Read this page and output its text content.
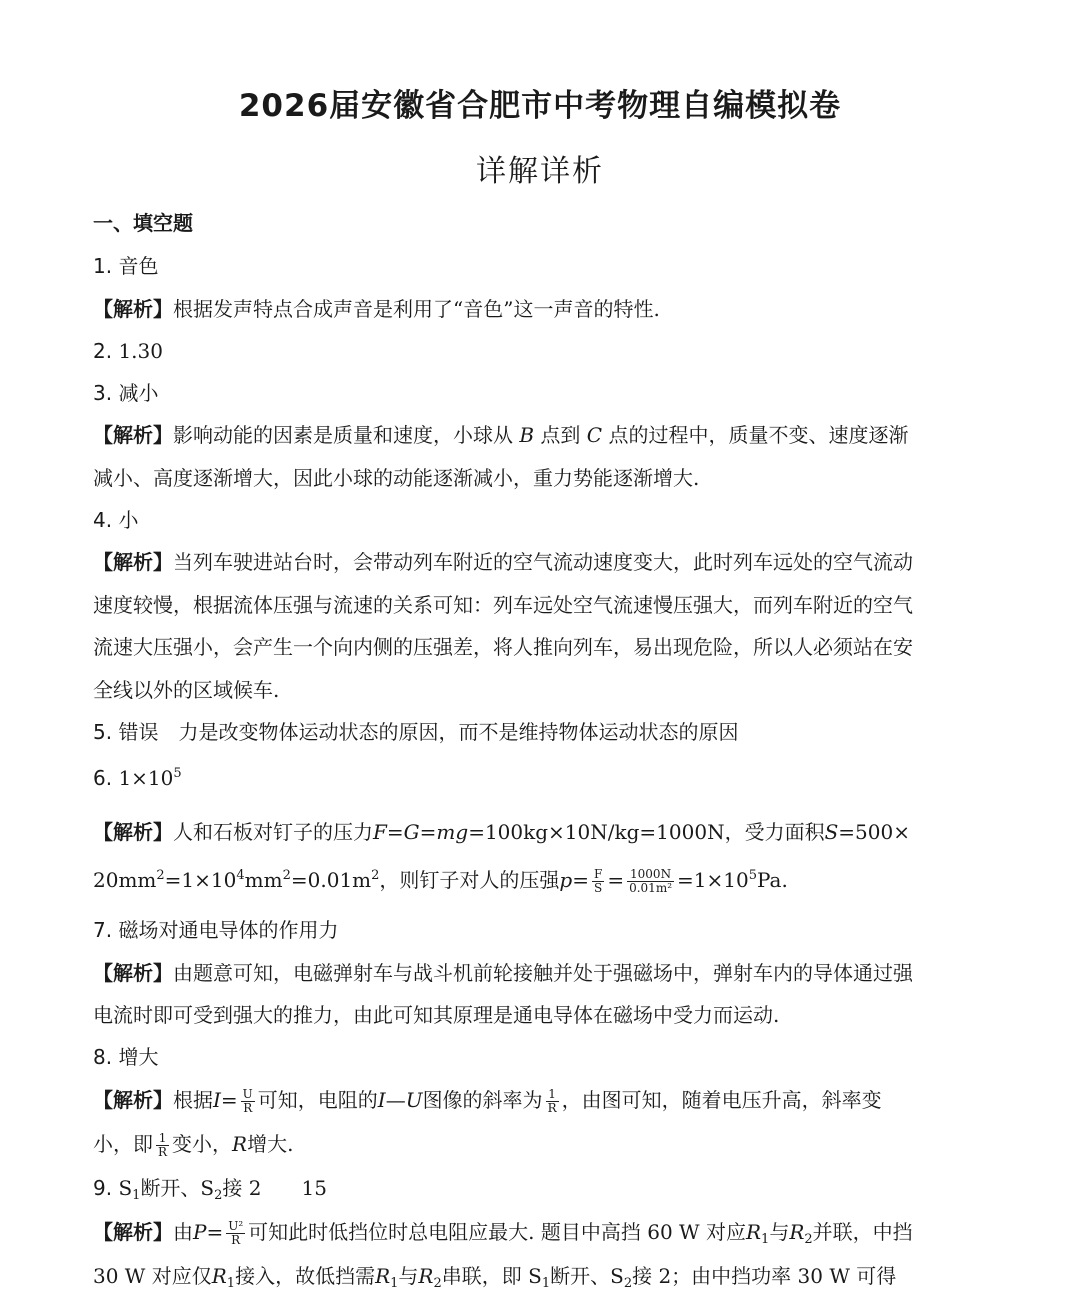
2026届安徽省合肥市中考物理自编模拟卷
详解详析
一、填空题
1. 音色
【解析】根据发声特点合成声音是利用了“音色”这一声音的特性.
2. 1.30
3. 减小
【解析】影响动能的因素是质量和速度，小球从 B 点到 C 点的过程中，质量不变、速度逐渐
减小、高度逐渐增大，因此小球的动能逐渐减小，重力势能逐渐增大.
4. 小
【解析】当列车驶进站台时，会带动列车附近的空气流动速度变大，此时列车远处的空气流动
速度较慢，根据流体压强与流速的关系可知：列车远处空气流速慢压强大，而列车附近的空气
流速大压强小，会产生一个向内侧的压强差，将人推向列车，易出现危险，所以人必须站在安
全线以外的区域候车.
5. 错误　力是改变物体运动状态的原因，而不是维持物体运动状态的原因
6. $1\times 10^5$
【解析】人和石板对钉子的压力F=G=mg=100kg×10N/kg=1000N，受力面积S=500×
$20mm^2=1\times 10^4mm^2=0.01m^2$，则钉子对人的压强$p= \frac{F}{S} = \frac{1000N}{\text{0.01m²}} =1\times 10^5Pa$.
7. 磁场对通电导体的作用力
【解析】由题意可知，电磁弹射车与战斗机前轮接触并处于强磁场中，弹射车内的导体通过强
电流时即可受到强大的推力，由此可知其原理是通电导体在磁场中受力而运动.
8. 增大
【解析】根据$I= \frac{U}{R}$ 可知，电阻的I—U图像的斜率为 $\frac{1}{R}$ ，由图可知，随着电压升高，斜率变
小，即 $\frac{1}{R}$ 变小，R增大.
9. $S_1$断开、$S_2$接 2 15
【解析】由$P= \frac{\text{U²}}{R}$ 可知此时低挡位时总电阻应最大. 题目中高挡 60 W 对应$R_1$与$R_2$并联，中挡
30 W 对应仅$R_1$接入，故低挡需$R_1$与$R_2$串联，即 $S_1$断开、$S_2$接 2；由中挡功率 30 W 可得
